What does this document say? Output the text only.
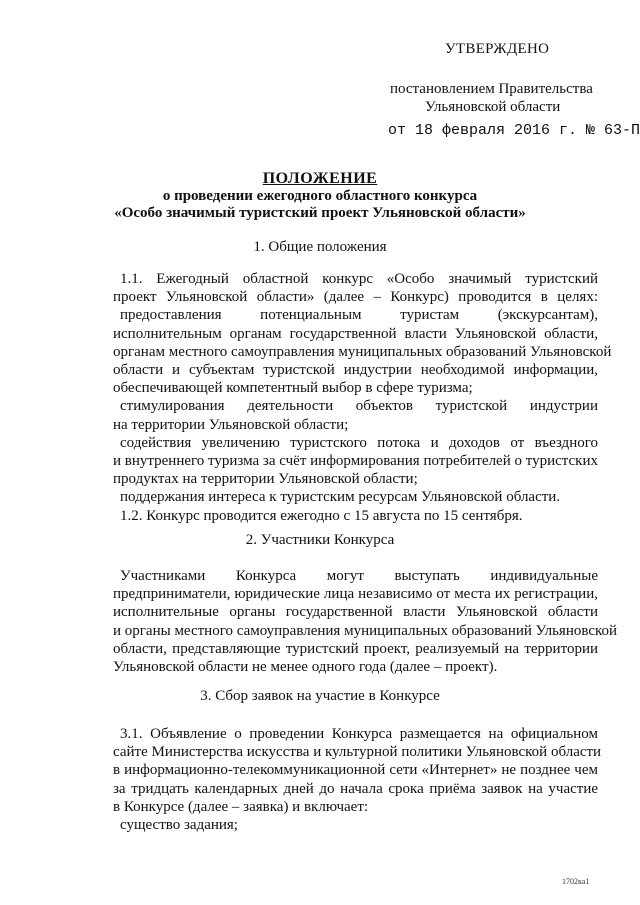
УТВЕРЖДЕНО
постановлением Правительства
Ульяновской области
от 18 февраля 2016 г. № 63-П
ПОЛОЖЕНИЕ
о проведении ежегодного областного конкурса
«Особо значимый туристский проект Ульяновской области»
1. Общие положения
1.1. Ежегодный областной конкурс «Особо значимый туристский
проект Ульяновской области» (далее – Конкурс) проводится в целях:
предоставления потенциальным туристам (экскурсантам),
исполнительным органам государственной власти Ульяновской области,
органам местного самоуправления муниципальных образований Ульяновской
области и субъектам туристской индустрии необходимой информации,
обеспечивающей компетентный выбор в сфере туризма;
стимулирования деятельности объектов туристской индустрии
на территории Ульяновской области;
содействия увеличению туристского потока и доходов от въездного
и внутреннего туризма за счёт информирования потребителей о туристских
продуктах на территории Ульяновской области;
поддержания интереса к туристским ресурсам Ульяновской области.
1.2. Конкурс проводится ежегодно с 15 августа по 15 сентября.
2. Участники Конкурса
Участниками Конкурса могут выступать индивидуальные
предприниматели, юридические лица независимо от места их регистрации,
исполнительные органы государственной власти Ульяновской области
и органы местного самоуправления муниципальных образований Ульяновской
области, представляющие туристский проект, реализуемый на территории
Ульяновской области не менее одного года (далее – проект).
3. Сбор заявок на участие в Конкурсе
3.1. Объявление о проведении Конкурса размещается на официальном
сайте Министерства искусства и культурной политики Ульяновской области
в информационно-телекоммуникационной сети «Интернет» не позднее чем
за тридцать календарных дней до начала срока приёма заявок на участие
в Конкурсе (далее – заявка) и включает:
существо задания;
1702ка1
